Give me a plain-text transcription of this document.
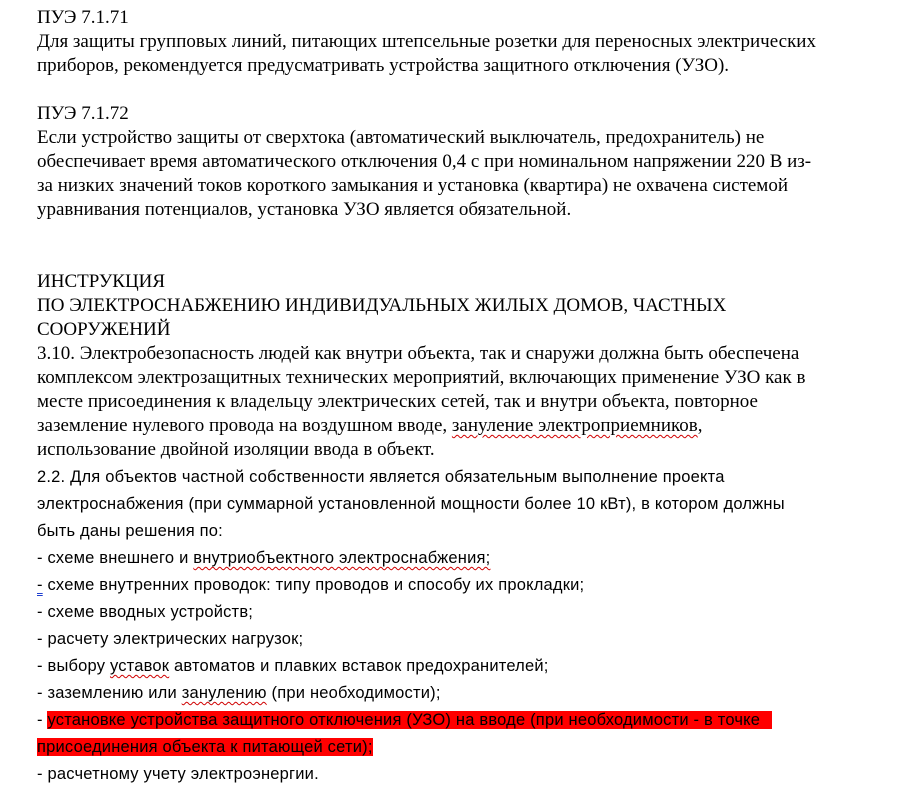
ПУЭ 7.1.71
Для защиты групповых линий, питающих штепсельные розетки для переносных электрических
приборов, рекомендуется предусматривать устройства защитного отключения (УЗО).
ПУЭ 7.1.72
Если устройство защиты от сверхтока (автоматический выключатель, предохранитель) не
обеспечивает время автоматического отключения 0,4 с при номинальном напряжении 220 В из-
за низких значений токов короткого замыкания и установка (квартира) не охвачена системой
уравнивания потенциалов, установка УЗО является обязательной.
ИНСТРУКЦИЯ
ПО ЭЛЕКТРОСНАБЖЕНИЮ ИНДИВИДУАЛЬНЫХ ЖИЛЫХ ДОМОВ, ЧАСТНЫХ
СООРУЖЕНИЙ
3.10. Электробезопасность людей как внутри объекта, так и снаружи должна быть обеспечена
комплексом электрозащитных технических мероприятий, включающих применение УЗО как в
месте присоединения к владельцу электрических сетей, так и внутри объекта, повторное
заземление нулевого провода на воздушном вводе, зануление электроприемников,
использование двойной изоляции ввода в объект.
2.2. Для объектов частной собственности является обязательным выполнение проекта
электроснабжения (при суммарной установленной мощности более 10 кВт), в котором должны
быть даны решения по:
- схеме внешнего и внутриобъектного электроснабжения;
- схеме внутренних проводок: типу проводов и способу их прокладки;
- схеме вводных устройств;
- расчету электрических нагрузок;
- выбору уставок автоматов и плавких вставок предохранителей;
- заземлению или занулению (при необходимости);
- установке устройства защитного отключения (УЗО) на вводе (при необходимости - в точке
присоединения объекта к питающей сети);
- расчетному учету электроэнергии.
